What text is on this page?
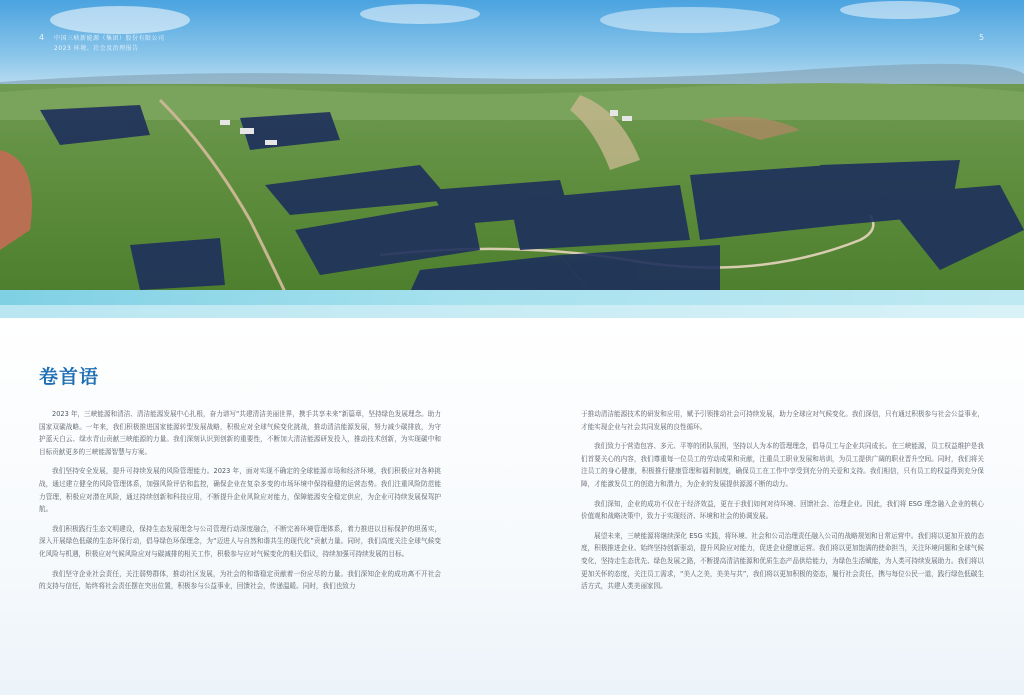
4	5
中国三峡新能源（集团）股份有限公司
2023 环境、社会及治理报告
卷首语

2023 年，三峡能源和清洁、清洁能源发展中心扎根，奋力谱写“共建清洁美丽世界，携手共享未来”新篇章，坚持绿色发展理念。助力国家双碳战略。一年来，我们积极推进国家能源转型发展战略，积极应对全球气候变化挑战，推动清洁能源发展，努力减少碳排放，为守护蓝天白云、绿水青山贡献三峡能源的力量。我们深刻认识到创新的重要性，不断加大清洁能源研发投入，推动技术创新，为实现碳中和目标贡献更多的三峡能源智慧与方案。

我们坚持安全发展，提升可持续发展的风险管理能力。2023 年，面对实现不确定的全球能源市场和经济环境，我们积极应对各种挑战，通过建立健全的风险管理体系，加强风险评估和监控，确保企业在复杂多变的市场环境中保持稳健的运营态势。我们注重风险防范能力管理，积极应对潜在风险，通过持续创新和科技应用，不断提升企业风险应对能力，保障能源安全稳定供应，为企业可持续发展保驾护航。

我们积极践行生态文明建设，保持生态发展理念与公司管理行动深度融合，不断完善环境管理体系，着力推进以目标保护的坦荡实，深入开展绿色低碳的生态环保行动，倡导绿色环保理念，为“迈进人与自然和谐共生的现代化”贡献力量。同时，我们高度关注全球气候变化风险与机遇，积极应对气候风险应对与碳减排的相关工作，积极参与应对气候变化的相关倡议，持续加强可持续发展的目标。

我们坚守企业社会责任，关注弱势群体，推动社区发展，为社会的和谐稳定贡献着一份应尽的力量。我们深知企业的成功离不开社会的支持与信任，始终将社会责任摆在突出位置，积极参与公益事业，回馈社会，传递温暖。同时，我们也致力

于推动清洁能源技术的研发和应用，赋予引领推动社会可持续发展，助力全球应对气候变化。我们深信，只有通过积极参与社会公益事业，才能实现企业与社会共同发展的良性循环。

我们致力于营造包容、多元、平等的团队氛围，坚持以人为本的管理理念，倡导员工与企业共同成长。在三峡能源，员工权益维护是我们首要关心的内容，我们尊重每一位员工的劳动成果和贡献，注重员工职业发展和培训，为员工提供广阔的职业晋升空间。同时，我们将关注员工的身心健康，积极推行健康管理和福利制度，确保员工在工作中享受到充分的关爱和支持。我们相信，只有员工的权益得到充分保障，才能激发员工的创造力和潜力，为企业的发展提供源源不断的动力。

我们深知，企业的成功不仅在于经济效益，更在于我们如何对待环境、回馈社会、治理企业。因此，我们将 ESG 理念融入企业的核心价值观和战略决策中，致力于实现经济、环境和社会的协调发展。

展望未来，三峡能源将继续深化 ESG 实践，将环境、社会和公司治理责任融入公司的战略规划和日常运营中。我们将以更加开放的态度，积极推进企业、始终坚持创新驱动，提升风险应对能力，促进企业健康运营。我们将以更加饱满的使命担当，关注环境问题和全球气候变化，坚持走生态优先、绿色发展之路，不断提高清洁能源和优质生态产品供给能力，为绿色生活赋能，为人类可持续发展助力。我们将以更加关怀的态度，关注员工需求，“美人之美，美美与共”，我们将以更加积极的姿态，履行社会责任，携与每位公民一道，践行绿色低碳生活方式，共建人类美丽家园。
